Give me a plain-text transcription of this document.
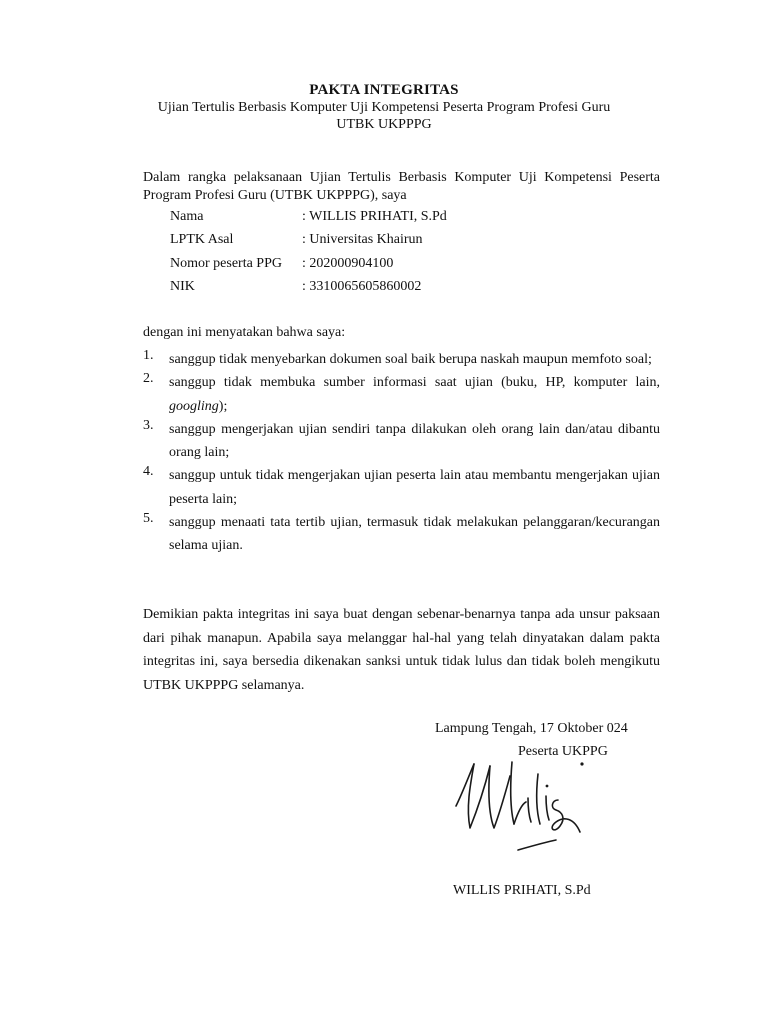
PAKTA INTEGRITAS
Ujian Tertulis Berbasis Komputer Uji Kompetensi Peserta Program Profesi Guru
UTBK UKPPPG
Dalam rangka pelaksanaan Ujian Tertulis Berbasis Komputer Uji Kompetensi Peserta Program Profesi Guru (UTBK UKPPPG), saya
Nama	: WILLIS PRIHATI, S.Pd
LPTK Asal	: Universitas Khairun
Nomor peserta PPG : 202000904100
NIK	: 3310065605860002
dengan ini menyatakan bahwa saya:
1. sanggup tidak menyebarkan dokumen soal baik berupa naskah maupun memfoto soal;
2. sanggup tidak membuka sumber informasi saat ujian (buku, HP, komputer lain, googling);
3. sanggup mengerjakan ujian sendiri tanpa dilakukan oleh orang lain dan/atau dibantu orang lain;
4. sanggup untuk tidak mengerjakan ujian peserta lain atau membantu mengerjakan ujian peserta lain;
5. sanggup menaati tata tertib ujian, termasuk tidak melakukan pelanggaran/kecurangan selama ujian.
Demikian pakta integritas ini saya buat dengan sebenar-benarnya tanpa ada unsur paksaan dari pihak manapun. Apabila saya melanggar hal-hal yang telah dinyatakan dalam pakta integritas ini, saya bersedia dikenakan sanksi untuk tidak lulus dan tidak boleh mengikutu UTBK UKPPPG selamanya.
Lampung Tengah, 17 Oktober 024
Peserta UKPPG
WILLIS PRIHATI, S.Pd
